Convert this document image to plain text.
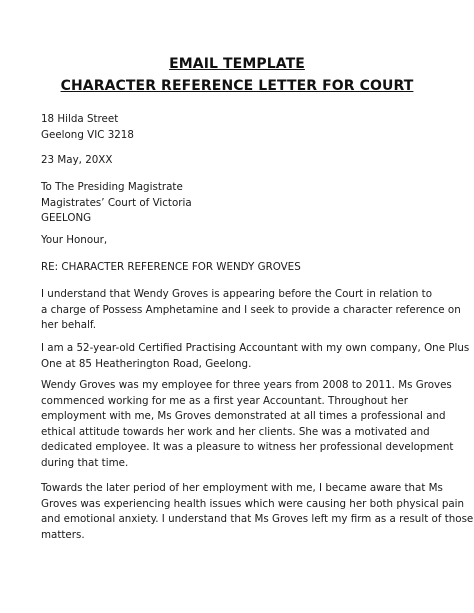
EMAIL TEMPLATE
CHARACTER REFERENCE LETTER FOR COURT
18 Hilda Street
Geelong VIC 3218
23 May, 20XX
To The Presiding Magistrate
Magistrates’ Court of Victoria
GEELONG
Your Honour,
RE: CHARACTER REFERENCE FOR WENDY GROVES
I understand that Wendy Groves is appearing before the Court in relation to
a charge of Possess Amphetamine and I seek to provide a character reference on
her behalf.
I am a 52-year-old Certified Practising Accountant with my own company, One Plus
One at 85 Heatherington Road, Geelong.
Wendy Groves was my employee for three years from 2008 to 2011. Ms Groves
commenced working for me as a first year Accountant. Throughout her
employment with me, Ms Groves demonstrated at all times a professional and
ethical attitude towards her work and her clients. She was a motivated and
dedicated employee. It was a pleasure to witness her professional development
during that time.
Towards the later period of her employment with me, I became aware that Ms
Groves was experiencing health issues which were causing her both physical pain
and emotional anxiety. I understand that Ms Groves left my firm as a result of those
matters.
